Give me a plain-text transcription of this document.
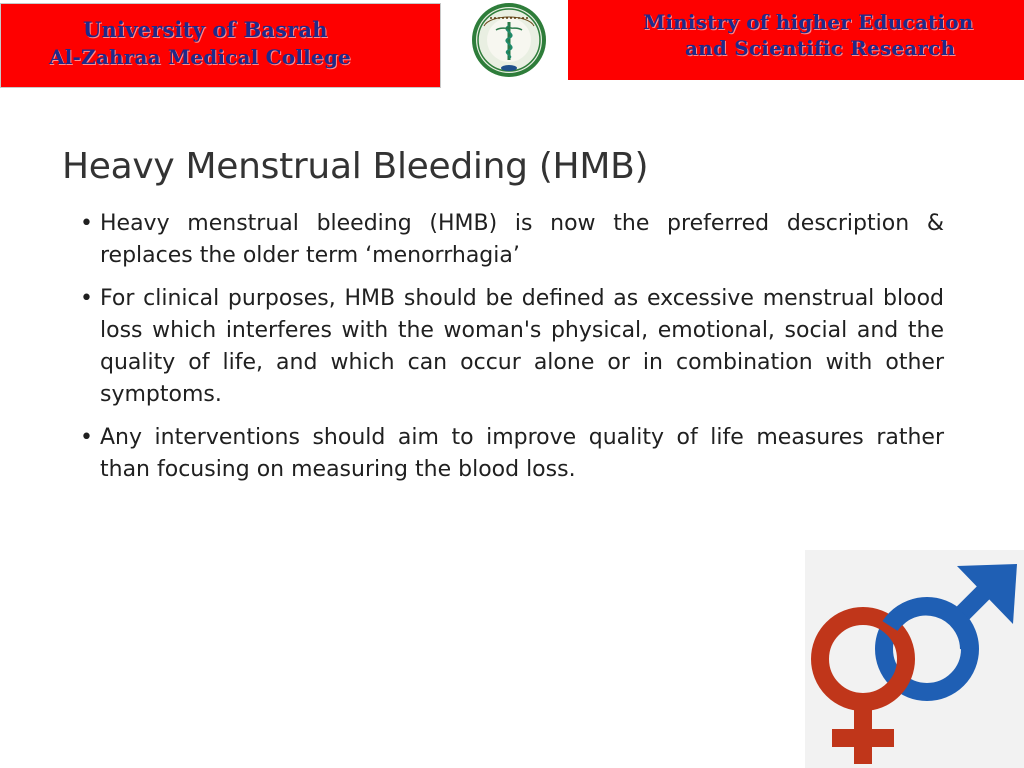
University of Basrah
Al-Zahraa Medical College
Ministry of higher Education
and Scientific Research
Heavy Menstrual Bleeding (HMB)
• Heavy menstrual bleeding (HMB) is now the preferred description & replaces the older term ‘menorrhagia’
• For clinical purposes, HMB should be defined as excessive menstrual blood loss which interferes with the woman's physical, emotional, social and the quality of life, and which can occur alone or in combination with other symptoms.
• Any interventions should aim to improve quality of life measures rather than focusing on measuring the blood loss.
